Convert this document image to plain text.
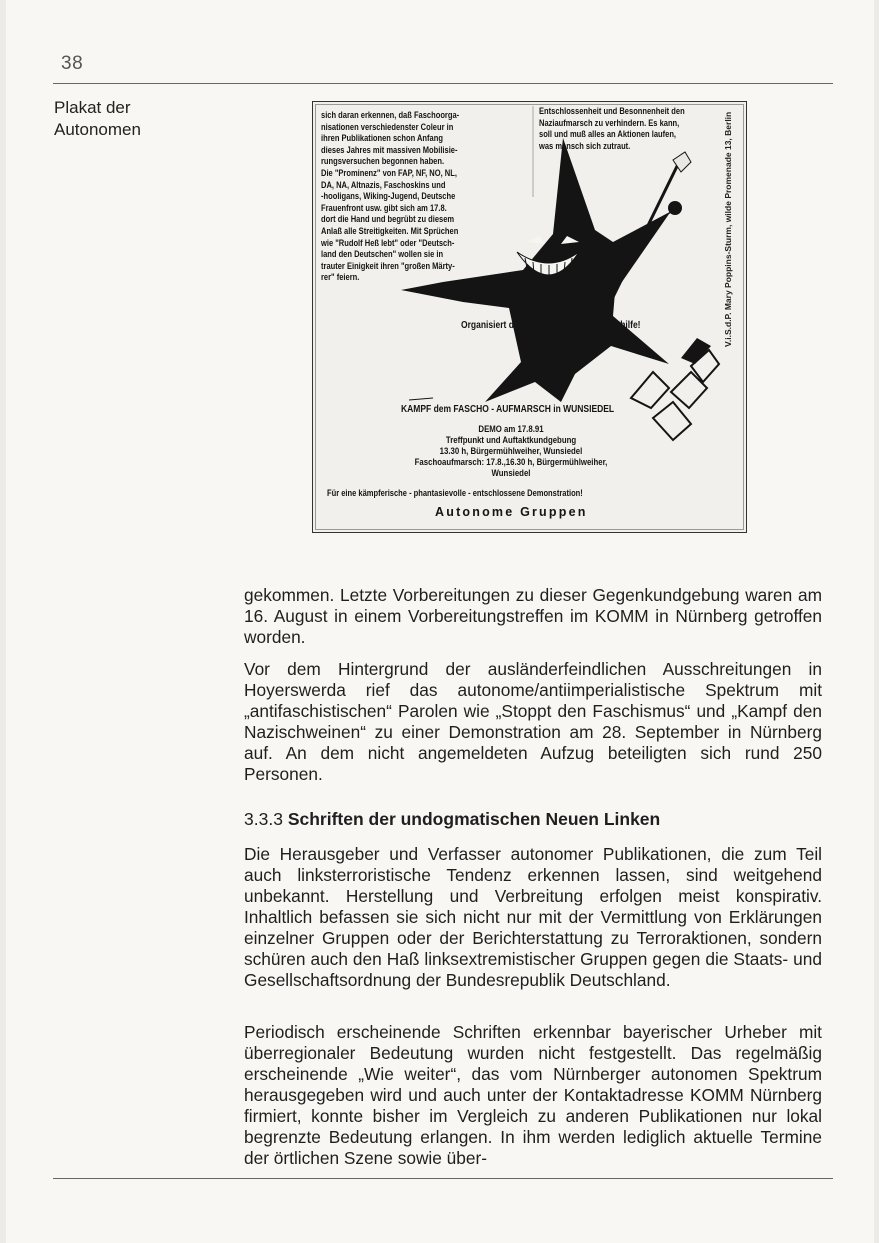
38
Plakat der
Autonomen
sich daran erkennen, daß Faschoorga-
nisationen verschiedenster Coleur in
ihren Publikationen schon Anfang
dieses Jahres mit massiven Mobilisie-
rungsversuchen begonnen haben.
Die "Prominenz" von FAP, NF, NO, NL,
DA, NA, Altnazis, Faschoskins und
-hooligans, Wiking-Jugend, Deutsche
Frauenfront usw. gibt sich am 17.8.
dort die Hand und begrübt zu diesem
Anlaß alle Streitigkeiten. Mit Sprüchen
wie "Rudolf Heß lebt" oder "Deutsch-
land den Deutschen" wollen sie in
trauter Einigkeit ihren "großen Märty-
rer" feiern.
Entschlossenheit und Besonnenheit den
Naziaufmarsch zu verhindern. Es kann,
soll und muß alles an Aktionen laufen,
was mensch sich zutraut.	V.i.S.d.P. Mary Poppins-Sturm, wilde Promenade 13, Berlin
Organisiert die antifaschistische Selbsthilfe!
KAMPF dem FASCHO - AUFMARSCH in WUNSIEDEL
DEMO am 17.8.91
Treffpunkt und Auftaktkundgebung
13.30 h, Bürgermühlweiher, Wunsiedel
Faschoaufmarsch: 17.8.,16.30 h, Bürgermühlweiher, Wunsiedel
Für eine kämpferische - phantasievolle - entschlossene Demonstration!
Autonome Gruppen
gekommen. Letzte Vorbereitungen zu dieser Gegenkundgebung waren am 16. August in einem Vorbereitungstreffen im KOMM in Nürnberg getroffen worden.
Vor dem Hintergrund der ausländerfeindlichen Ausschreitungen in Hoyerswerda rief das autonome/antiimperialistische Spektrum mit „antifaschistischen“ Parolen wie „Stoppt den Faschismus“ und „Kampf den Nazischweinen“ zu einer Demonstration am 28. September in Nürnberg auf. An dem nicht angemeldeten Aufzug beteiligten sich rund 250 Personen.
3.3.3 Schriften der undogmatischen Neuen Linken
Die Herausgeber und Verfasser autonomer Publikationen, die zum Teil auch linksterroristische Tendenz erkennen lassen, sind weitgehend unbekannt. Herstellung und Verbreitung erfolgen meist konspirativ. Inhaltlich befassen sie sich nicht nur mit der Vermittlung von Erklärungen einzelner Gruppen oder der Berichterstattung zu Terroraktionen, sondern schüren auch den Haß linksextremistischer Gruppen gegen die Staats- und Gesellschaftsordnung der Bundesrepublik Deutschland.
Periodisch erscheinende Schriften erkennbar bayerischer Urheber mit überregionaler Bedeutung wurden nicht festgestellt. Das regelmäßig erscheinende „Wie weiter“, das vom Nürnberger autonomen Spektrum herausgegeben wird und auch unter der Kontaktadresse KOMM Nürnberg firmiert, konnte bisher im Vergleich zu anderen Publikationen nur lokal begrenzte Bedeutung erlangen. In ihm werden lediglich aktuelle Termine der örtlichen Szene sowie über-
